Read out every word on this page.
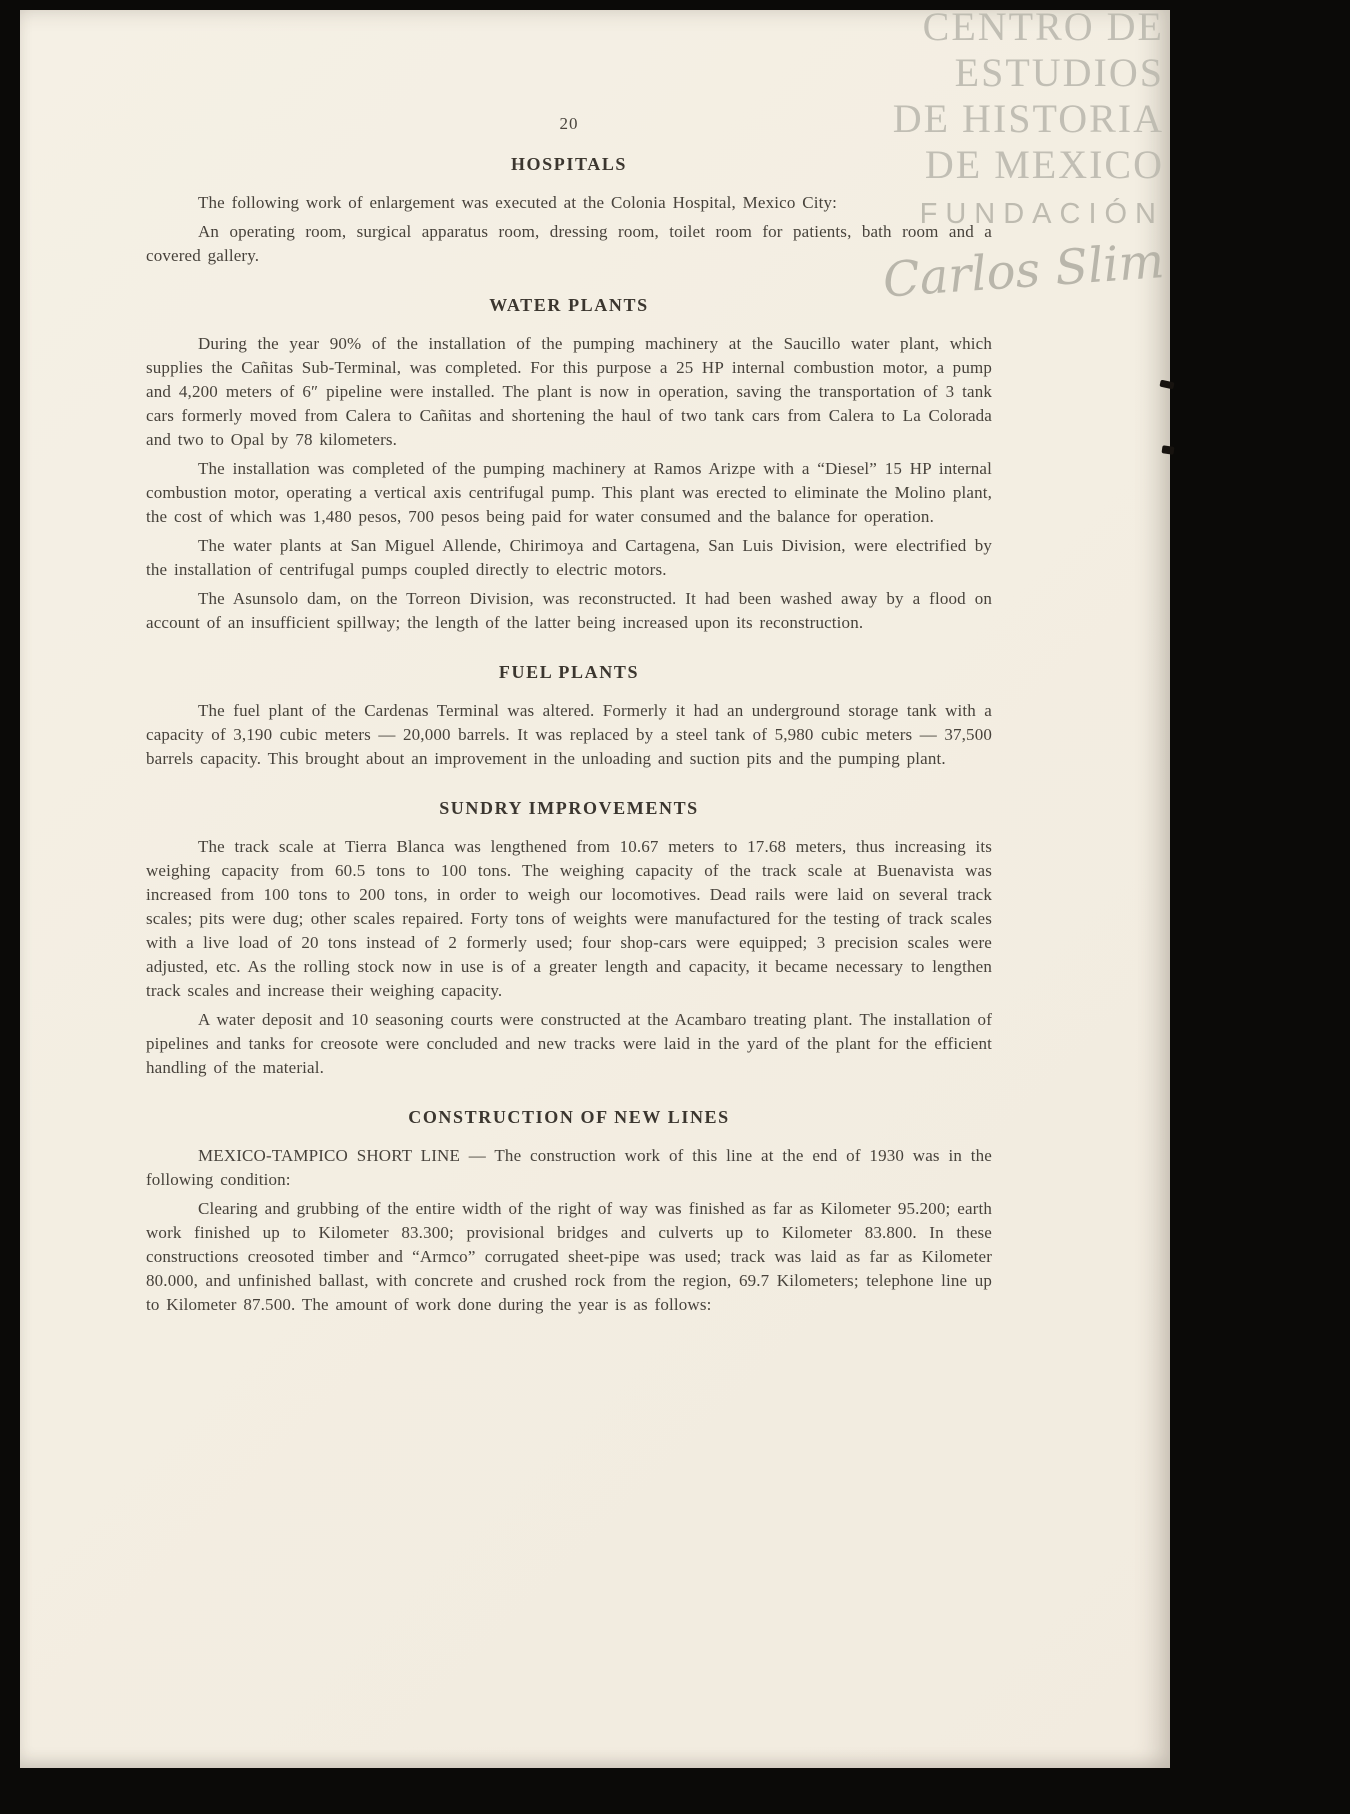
20
HOSPITALS

The following work of enlargement was executed at the Colonia Hospital, Mexico City:

An operating room, surgical apparatus room, dressing room, toilet room for patients, bath room and a covered gallery.

WATER PLANTS

During the year 90% of the installation of the pumping machinery at the Saucillo water plant, which supplies the Cañitas Sub-Terminal, was completed. For this purpose a 25 HP internal combustion motor, a pump and 4,200 meters of 6″ pipeline were installed. The plant is now in operation, saving the transportation of 3 tank cars formerly moved from Calera to Cañitas and shortening the haul of two tank cars from Calera to La Colorada and two to Opal by 78 kilometers.

The installation was completed of the pumping machinery at Ramos Arizpe with a “Diesel” 15 HP internal combustion motor, operating a vertical axis centrifugal pump. This plant was erected to eliminate the Molino plant, the cost of which was 1,480 pesos, 700 pesos being paid for water consumed and the balance for operation.

The water plants at San Miguel Allende, Chirimoya and Cartagena, San Luis Division, were electrified by the installation of centrifugal pumps coupled directly to electric motors.

The Asunsolo dam, on the Torreon Division, was reconstructed. It had been washed away by a flood on account of an insufficient spillway; the length of the latter being increased upon its reconstruction.

FUEL PLANTS

The fuel plant of the Cardenas Terminal was altered. Formerly it had an underground storage tank with a capacity of 3,190 cubic meters — 20,000 barrels. It was replaced by a steel tank of 5,980 cubic meters — 37,500 barrels capacity. This brought about an improvement in the unloading and suction pits and the pumping plant.

SUNDRY IMPROVEMENTS

The track scale at Tierra Blanca was lengthened from 10.67 meters to 17.68 meters, thus increasing its weighing capacity from 60.5 tons to 100 tons. The weighing capacity of the track scale at Buenavista was increased from 100 tons to 200 tons, in order to weigh our locomotives. Dead rails were laid on several track scales; pits were dug; other scales repaired. Forty tons of weights were manufactured for the testing of track scales with a live load of 20 tons instead of 2 formerly used; four shop-cars were equipped; 3 precision scales were adjusted, etc. As the rolling stock now in use is of a greater length and capacity, it became necessary to lengthen track scales and increase their weighing capacity.

A water deposit and 10 seasoning courts were constructed at the Acambaro treating plant. The installation of pipelines and tanks for creosote were concluded and new tracks were laid in the yard of the plant for the efficient handling of the material.

CONSTRUCTION OF NEW LINES

MEXICO-TAMPICO SHORT LINE — The construction work of this line at the end of 1930 was in the following condition:

Clearing and grubbing of the entire width of the right of way was finished as far as Kilometer 95.200; earth work finished up to Kilometer 83.300; provisional bridges and culverts up to Kilometer 83.800. In these constructions creosoted timber and “Armco” corrugated sheet-pipe was used; track was laid as far as Kilometer 80.000, and unfinished ballast, with concrete and crushed rock from the region, 69.7 Kilometers; telephone line up to Kilometer 87.500. The amount of work done during the year is as follows:

CENTRO DE
ESTUDIOS
DE HISTORIA
DE MEXICO
FUNDACIÓN
Carlos Slim
